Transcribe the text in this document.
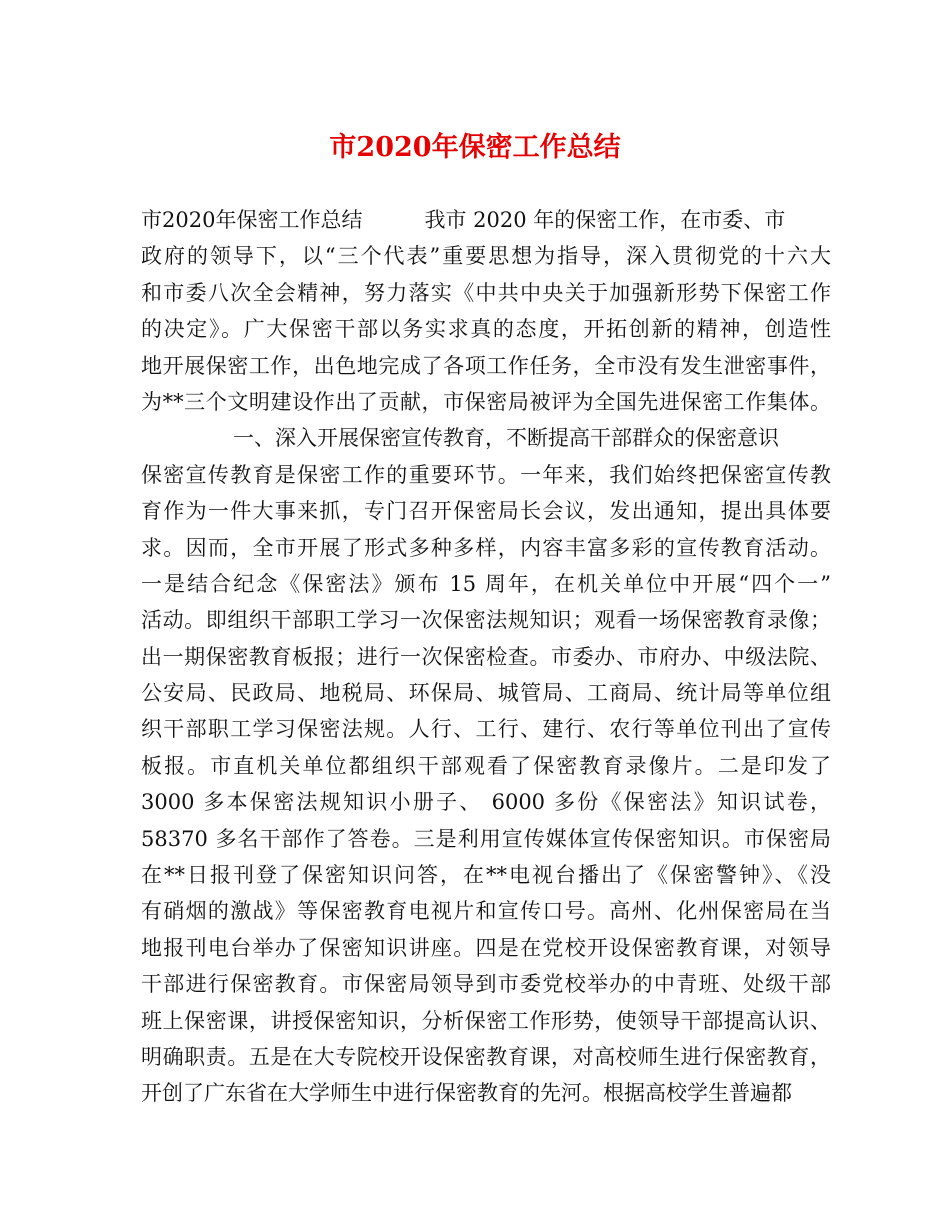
市2020年保密工作总结
市2020年保密工作总结	我市 2020 年的保密工作，在市委、市
政府的领导下，以“三个代表”重要思想为指导，深入贯彻党的十六大
和市委八次全会精神，努力落实《中共中央关于加强新形势下保密工作
的决定》。广大保密干部以务实求真的态度，开拓创新的精神，创造性
地开展保密工作，出色地完成了各项工作任务，全市没有发生泄密事件，
为**三个文明建设作出了贡献，市保密局被评为全国先进保密工作集体。
一、深入开展保密宣传教育，不断提高干部群众的保密意识
保密宣传教育是保密工作的重要环节。一年来，我们始终把保密宣传教
育作为一件大事来抓，专门召开保密局长会议，发出通知，提出具体要
求。因而，全市开展了形式多种多样，内容丰富多彩的宣传教育活动。
一是结合纪念《保密法》颁布 15 周年，在机关单位中开展“四个一”
活动。即组织干部职工学习一次保密法规知识；观看一场保密教育录像；
出一期保密教育板报；进行一次保密检查。市委办、市府办、中级法院、
公安局、民政局、地税局、环保局、城管局、工商局、统计局等单位组
织干部职工学习保密法规。人行、工行、建行、农行等单位刊出了宣传
板报。市直机关单位都组织干部观看了保密教育录像片。二是印发了
3000 多本保密法规知识小册子、 6000 多份《保密法》知识试卷，
58370 多名干部作了答卷。三是利用宣传媒体宣传保密知识。市保密局
在**日报刊登了保密知识问答，在**电视台播出了《保密警钟》、《没
有硝烟的激战》等保密教育电视片和宣传口号。高州、化州保密局在当
地报刊电台举办了保密知识讲座。四是在党校开设保密教育课，对领导
干部进行保密教育。市保密局领导到市委党校举办的中青班、处级干部
班上保密课，讲授保密知识，分析保密工作形势，使领导干部提高认识、
明确职责。五是在大专院校开设保密教育课，对高校师生进行保密教育，
开创了广东省在大学师生中进行保密教育的先河。根据高校学生普遍都
